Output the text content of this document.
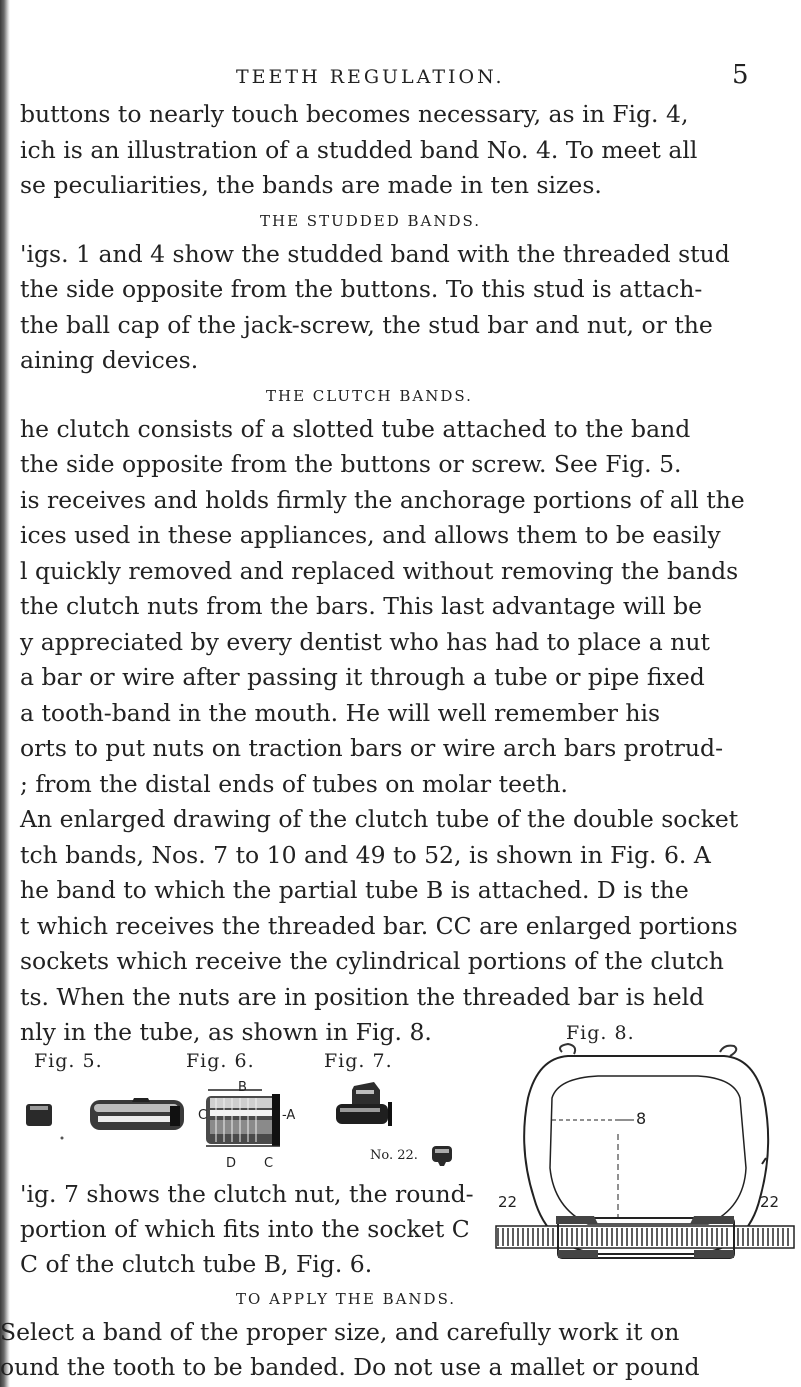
TEETH REGULATION.	5

buttons to nearly touch becomes necessary, as in Fig. 4,

ich is an illustration of a studded band No. 4. To meet all

se peculiarities, the bands are made in ten sizes.

THE STUDDED BANDS.

'igs. 1 and 4 show the studded band with the threaded stud

the side opposite from the buttons. To this stud is attach-

the ball cap of the jack-screw, the stud bar and nut, or the

aining devices.

THE CLUTCH BANDS.

he clutch consists of a slotted tube attached to the band

the side opposite from the buttons or screw. See Fig. 5.

is receives and holds firmly the anchorage portions of all the

ices used in these appliances, and allows them to be easily

l quickly removed and replaced without removing the bands

the clutch nuts from the bars. This last advantage will be

y appreciated by every dentist who has had to place a nut

a bar or wire after passing it through a tube or pipe fixed

a tooth-band in the mouth. He will well remember his

orts to put nuts on traction bars or wire arch bars protrud-

; from the distal ends of tubes on molar teeth.

An enlarged drawing of the clutch tube of the double socket

tch bands, Nos. 7 to 10 and 49 to 52, is shown in Fig. 6. A

he band to which the partial tube B is attached. D is the

t which receives the threaded bar. CC are enlarged portions

sockets which receive the cylindrical portions of the clutch

ts. When the nuts are in position the threaded bar is held

nly in the tube, as shown in Fig. 8.

Fig. 5.	Fig. 6.	Fig. 7.

Fig. 8.

B
-A
C
D C
No. 22.
8
22	22

'ig. 7 shows the clutch nut, the round-

portion of which fits into the socket C

C of the clutch tube B, Fig. 6.

TO APPLY THE BANDS.

Select a band of the proper size, and carefully work it on

ound the tooth to be banded. Do not use a mallet or pound
